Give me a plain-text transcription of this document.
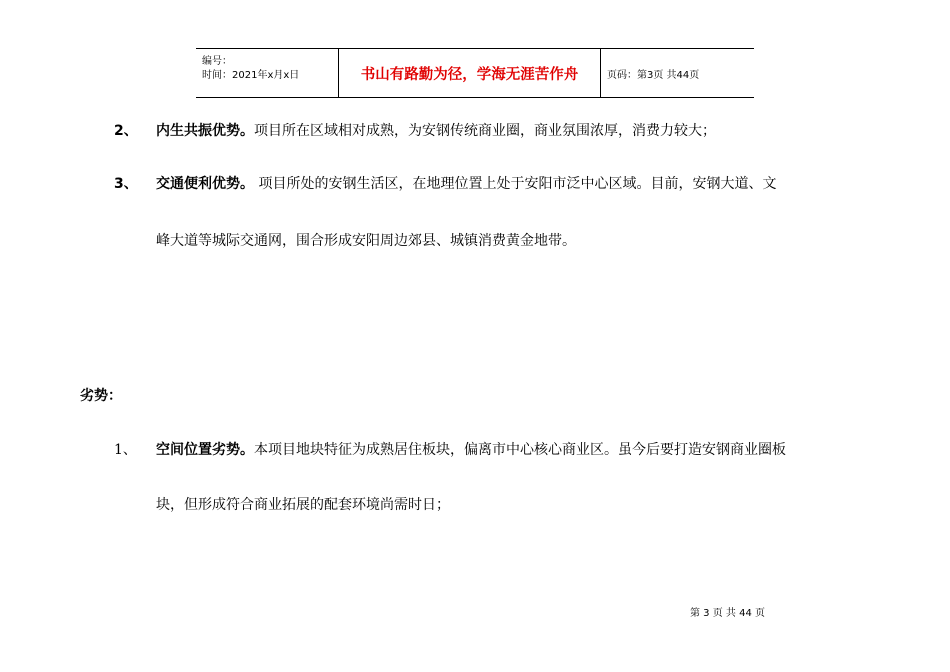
编号：
时间：2021年x月x日	书山有路勤为径，学海无涯苦作舟	页码：第3页 共44页
2、 内生共振优势。项目所在区域相对成熟，为安钢传统商业圈，商业氛围浓厚，消费力较大；
3、 交通便利优势。 项目所处的安钢生活区，在地理位置上处于安阳市泛中心区域。目前，安钢大道、文
峰大道等城际交通网，围合形成安阳周边郊县、城镇消费黄金地带。
劣势：
1、 空间位置劣势。本项目地块特征为成熟居住板块，偏离市中心核心商业区。虽今后要打造安钢商业圈板
块，但形成符合商业拓展的配套环境尚需时日；
第 3 页 共 44 页
